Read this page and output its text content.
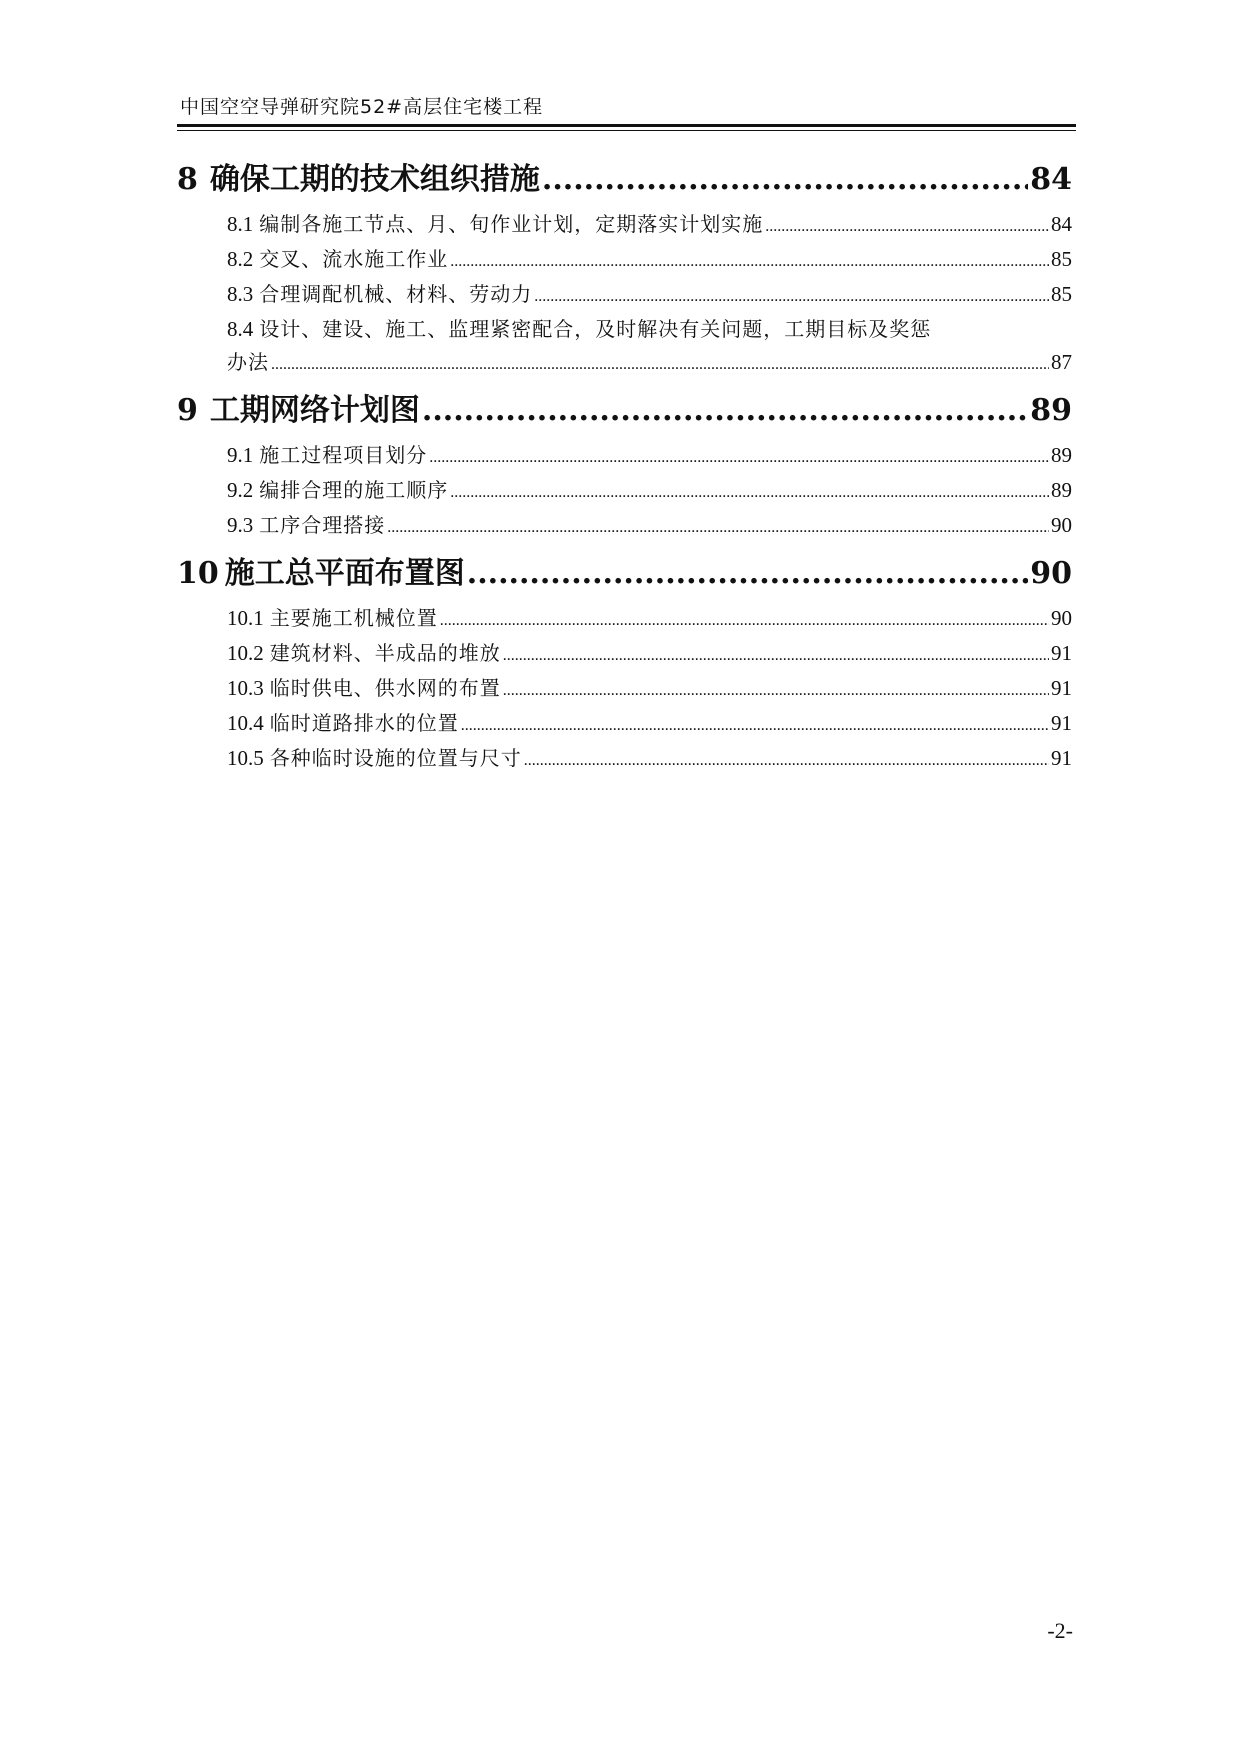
中国空空导弹研究院52#高层住宅楼工程
8 确保工期的技术组织措施 .....	84
8.1 编制各施工节点、月、旬作业计划，定期落实计划实施 .....	84
8.2 交叉、流水施工作业 .....	85
8.3 合理调配机械、材料、劳动力 .....	85
8.4 设计、建设、施工、监理紧密配合，及时解决有关问题，工期目标及奖惩
办法 .....	87
9 工期网络计划图 .....	89
9.1 施工过程项目划分 .....	89
9.2 编排合理的施工顺序 .....	89
9.3 工序合理搭接 .....	90
10 施工总平面布置图 .....	90
10.1 主要施工机械位置 .....	90
10.2 建筑材料、半成品的堆放 .....	91
10.3 临时供电、供水网的布置 .....	91
10.4 临时道路排水的位置 .....	91
10.5 各种临时设施的位置与尺寸 .....	91
-2-
